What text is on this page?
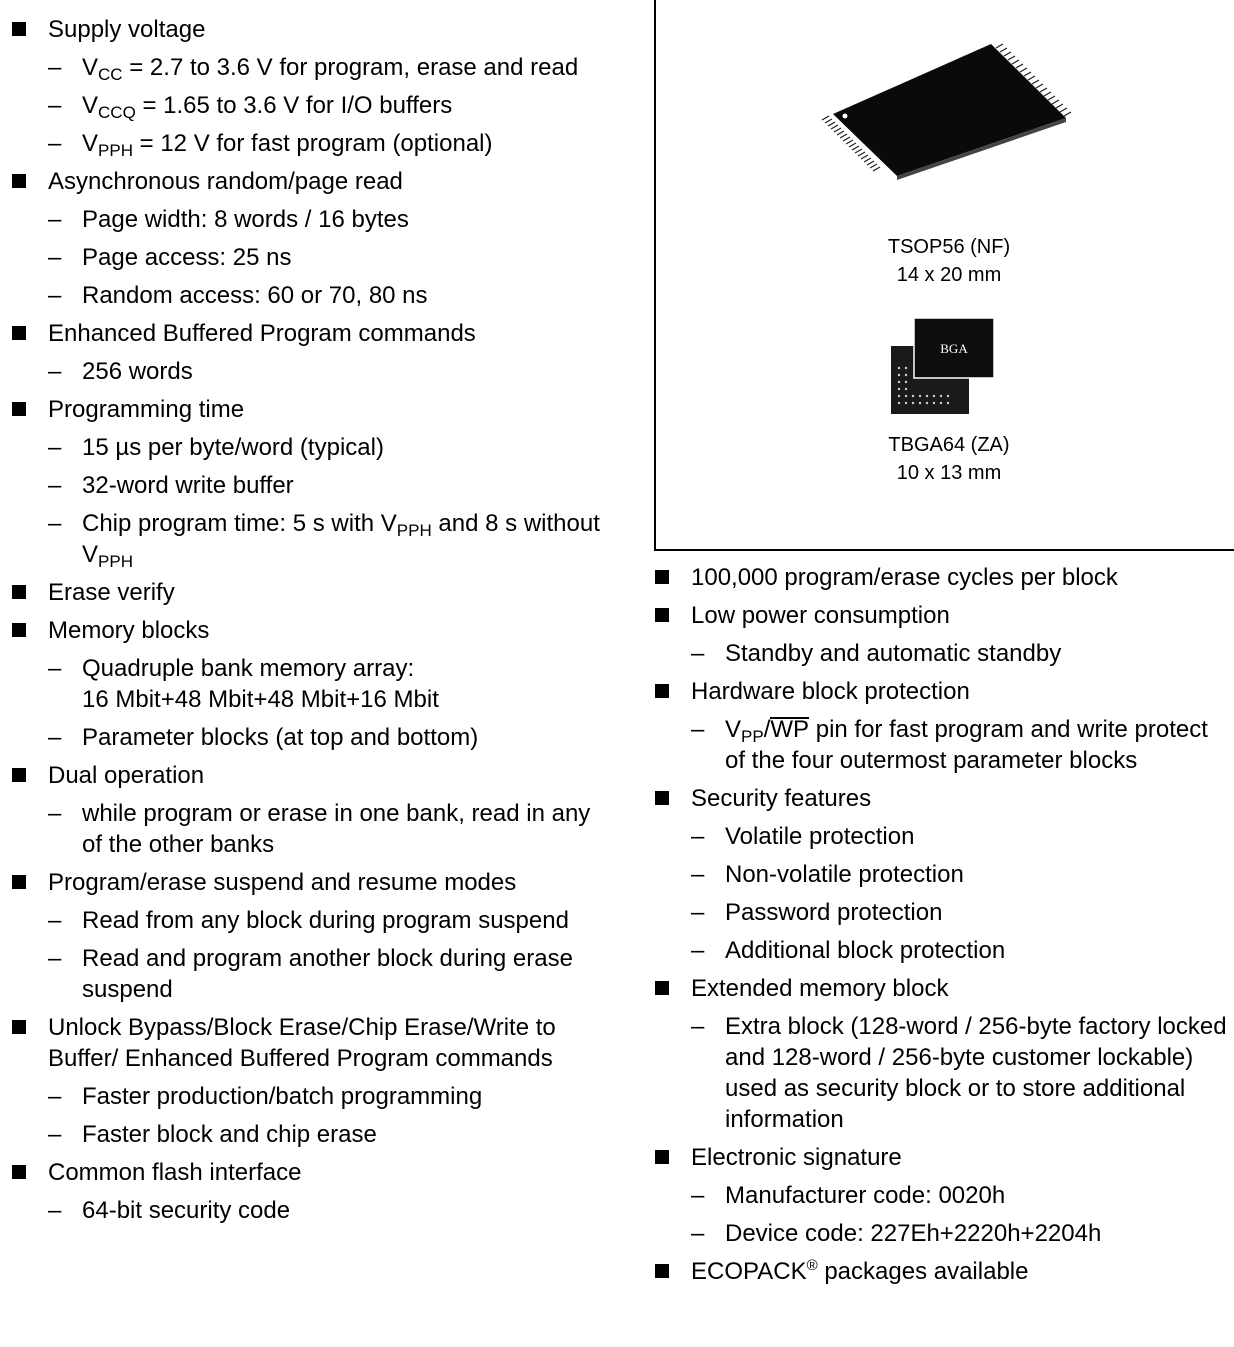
Supply voltage
– $V_{CC} = 2.7$ to 3.6 V for program, erase and read
– $V_{CCQ} = 1.65$ to 3.6 V for I/O buffers
– $V_{PPH} = 12$ V for fast program (optional)
Asynchronous random/page read
– Page width: 8 words / 16 bytes
– Page access: 25 ns
– Random access: 60 or 70, 80 ns
Enhanced Buffered Program commands
– 256 words
Programming time
– 15 µs per byte/word (typical)
– 32-word write buffer
– Chip program time: 5 s with $V_{PPH}$ and 8 s without $V_{PPH}$
Erase verify
Memory blocks
– Quadruple bank memory array:
16 Mbit+48 Mbit+48 Mbit+16 Mbit
– Parameter blocks (at top and bottom)
Dual operation
– while program or erase in one bank, read in any of the other banks
Program/erase suspend and resume modes
– Read from any block during program suspend
– Read and program another block during erase suspend
Unlock Bypass/Block Erase/Chip Erase/Write to Buffer/ Enhanced Buffered Program commands
– Faster production/batch programming
– Faster block and chip erase
Common flash interface
– 64-bit security code
TSOP56 (NF)
14 x 20 mm
BGA
TBGA64 (ZA)
10 x 13 mm
100,000 program/erase cycles per block
Low power consumption
– Standby and automatic standby
Hardware block protection
– $V_{PP}/WP$ pin for fast program and write protect of the four outermost parameter blocks
Security features
– Volatile protection
– Non-volatile protection
– Password protection
– Additional block protection
Extended memory block
– Extra block (128-word / 256-byte factory locked and 128-word / 256-byte customer lockable) used as security block or to store additional information
Electronic signature
– Manufacturer code: 0020h
– Device code: 227Eh+2220h+2204h
ECOPACK® packages available
